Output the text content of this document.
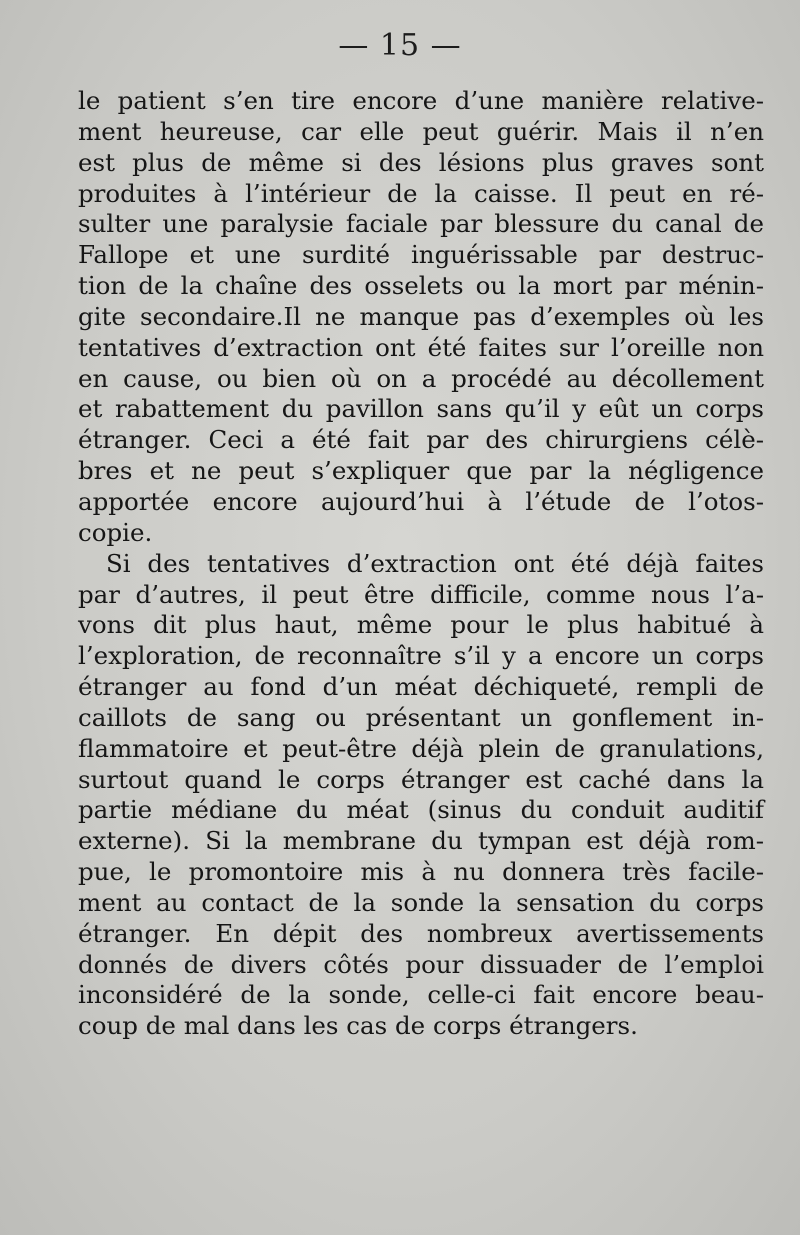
— 15 —
le patient s’en tire encore d’une manière relative-
ment heureuse, car elle peut guérir. Mais il n’en
est plus de même si des lésions plus graves sont
produites à l’intérieur de la caisse. Il peut en ré-
sulter une paralysie faciale par blessure du canal de
Fallope et une surdité inguérissable par destruc-
tion de la chaîne des osselets ou la mort par ménin-
gite secondaire.Il ne manque pas d’exemples où les
tentatives d’extraction ont été faites sur l’oreille non
en cause, ou bien où on a procédé au décollement
et rabattement du pavillon sans qu’il y eût un corps
étranger. Ceci a été fait par des chirurgiens célè-
bres et ne peut s’expliquer que par la négligence
apportée encore aujourd’hui à l’étude de l’otos-
copie.
Si des tentatives d’extraction ont été déjà faites
par d’autres, il peut être difficile, comme nous l’a-
vons dit plus haut, même pour le plus habitué à
l’exploration, de reconnaître s’il y a encore un corps
étranger au fond d’un méat déchiqueté, rempli de
caillots de sang ou présentant un gonflement in-
flammatoire et peut-être déjà plein de granulations,
surtout quand le corps étranger est caché dans la
partie médiane du méat (sinus du conduit auditif
externe). Si la membrane du tympan est déjà rom-
pue, le promontoire mis à nu donnera très facile-
ment au contact de la sonde la sensation du corps
étranger. En dépit des nombreux avertissements
donnés de divers côtés pour dissuader de l’emploi
inconsidéré de la sonde, celle-ci fait encore beau-
coup de mal dans les cas de corps étrangers.
